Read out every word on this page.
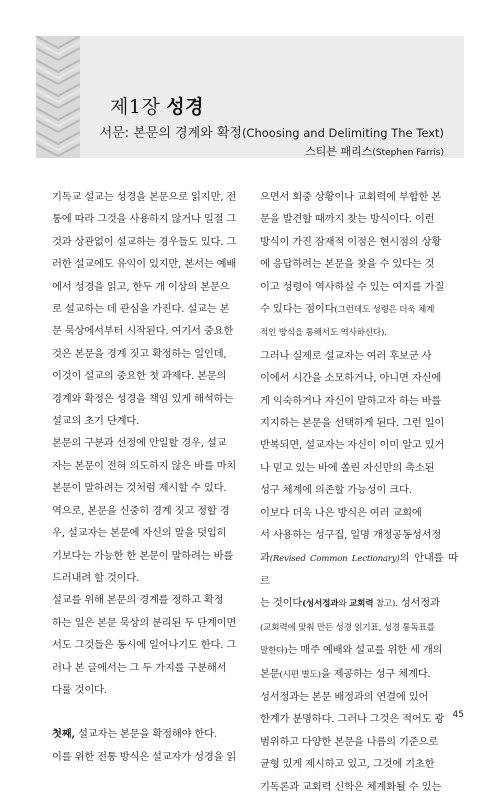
제1장 성경
서문: 본문의 경계와 확정(Choosing and Delimiting The Text)
스티븐 패리스(Stephen Farris)

기독교 설교는 성경을 본문으로 읽지만, 전
통에 따라 그것을 사용하지 않거나 일절 그
것과 상관없이 설교하는 경우들도 있다. 그
러한 설교에도 유익이 있지만, 본서는 예배
에서 성경을 읽고, 한두 개 이상의 본문으
로 설교하는 데 관심을 가진다. 설교는 본
문 묵상에서부터 시작된다. 여기서 중요한
것은 본문을 경계 짓고 확정하는 일인데,
이것이 설교의 중요한 첫 과제다. 본문의
경계와 확정은 성경을 책임 있게 해석하는
설교의 초기 단계다.

본문의 구분과 선정에 안일할 경우, 설교
자는 본문이 전혀 의도하지 않은 바를 마치
본문이 말하려는 것처럼 제시할 수 있다.
역으로, 본문을 신중히 경계 짓고 정할 경
우, 설교자는 본문에 자신의 말을 덧입히
기보다는 가능한 한 본문이 말하려는 바를
드러내려 할 것이다.

설교를 위해 본문의 경계를 정하고 확정
하는 일은 본문 묵상의 분리된 두 단계이면
서도 그것들은 동시에 일어나기도 한다. 그
러나 본 글에서는 그 두 가지를 구분해서
다룰 것이다.

첫째, 설교자는 본문을 확정해야 한다.
이를 위한 전통 방식은 설교자가 성경을 읽

으면서 회중 상황이나 교회력에 부합한 본
문을 발견할 때까지 찾는 방식이다. 이런
방식이 가진 잠재적 이점은 현시점의 상황
에 응답하려는 본문을 찾을 수 있다는 것
이고 성령이 역사하실 수 있는 여지를 가질
수 있다는 점이다(그런데도 성령은 더욱 체계
적인 방식을 통해서도 역사하신다).

그러나 실제로 설교자는 여러 후보군 사
이에서 시간을 소모하거나, 아니면 자신에
게 익숙하거나 자신이 말하고자 하는 바를
지지하는 본문을 선택하게 된다. 그런 일이
반복되면, 설교자는 자신이 이미 알고 있거
나 믿고 있는 바에 쏠린 자신만의 축소된
성구 체계에 의존할 가능성이 크다.

이보다 더욱 나은 방식은 여러 교회에
서 사용하는 성구집, 일명 개정공동성서정
과(Revised Common Lectionary)의 안내를 따르
는 것이다(성서정과와 교회력 참고). 성서정과
(교회력에 맞춰 만든 성경 읽기표, 성경 통독표를
말한다)는 매주 예배와 설교를 위한 세 개의
본문(시편 별도)을 제공하는 성구 체계다.

성서정과는 본문 배정과의 연결에 있어
한계가 분명하다. 그러나 그것은 적어도 광
범위하고 다양한 본문을 나름의 기준으로
균형 있게 제시하고 있고, 그것에 기초한
기독론과 교회력 신학은 체계화될 수 있는

45
